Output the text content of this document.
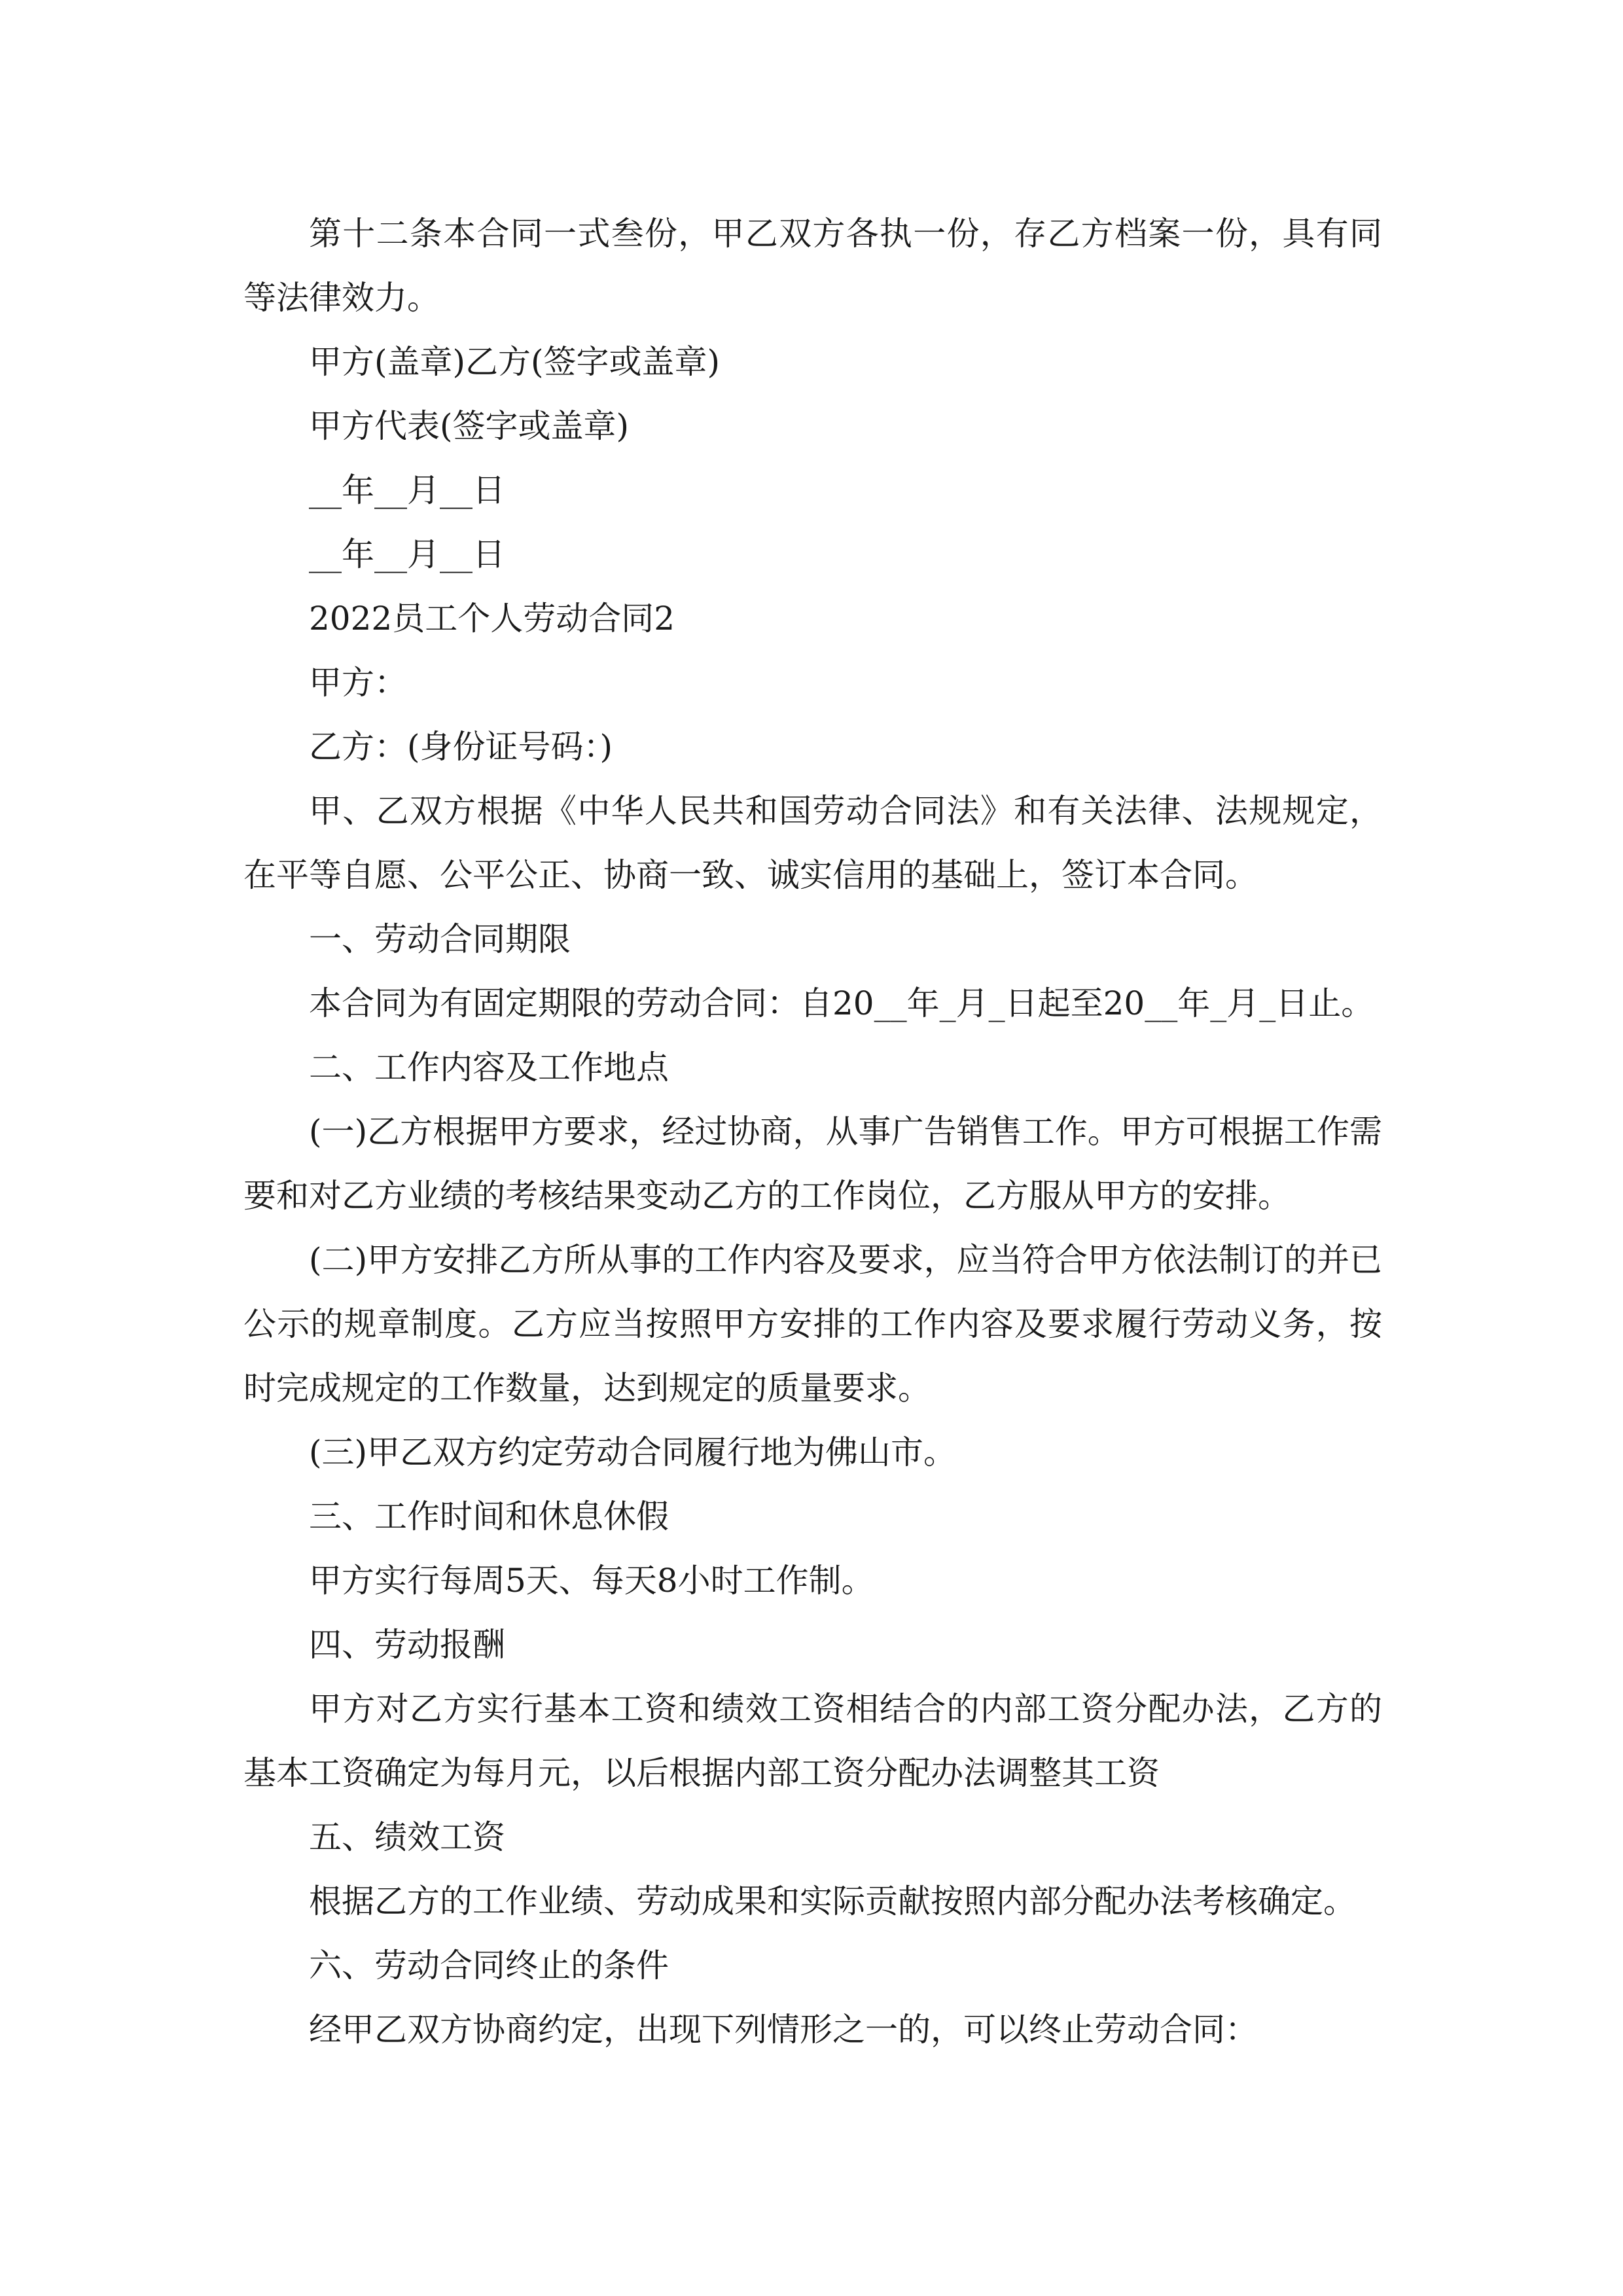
第十二条本合同一式叁份，甲乙双方各执一份，存乙方档案一份，具有同等法律效力。

甲方(盖章)乙方(签字或盖章)

甲方代表(签字或盖章)

__年__月__日

__年__月__日

2022员工个人劳动合同2

甲方：

乙方：(身份证号码：)

甲、乙双方根据《中华人民共和国劳动合同法》和有关法律、法规规定，在平等自愿、公平公正、协商一致、诚实信用的基础上，签订本合同。

一、劳动合同期限

本合同为有固定期限的劳动合同：自20__年_月_日起至20__年_月_日止。

二、工作内容及工作地点

(一)乙方根据甲方要求，经过协商，从事广告销售工作。甲方可根据工作需要和对乙方业绩的考核结果变动乙方的工作岗位，乙方服从甲方的安排。

(二)甲方安排乙方所从事的工作内容及要求，应当符合甲方依法制订的并已公示的规章制度。乙方应当按照甲方安排的工作内容及要求履行劳动义务，按时完成规定的工作数量，达到规定的质量要求。

(三)甲乙双方约定劳动合同履行地为佛山市。

三、工作时间和休息休假

甲方实行每周5天、每天8小时工作制。

四、劳动报酬

甲方对乙方实行基本工资和绩效工资相结合的内部工资分配办法，乙方的基本工资确定为每月元，以后根据内部工资分配办法调整其工资

五、绩效工资

根据乙方的工作业绩、劳动成果和实际贡献按照内部分配办法考核确定。

六、劳动合同终止的条件

经甲乙双方协商约定，出现下列情形之一的，可以终止劳动合同：
